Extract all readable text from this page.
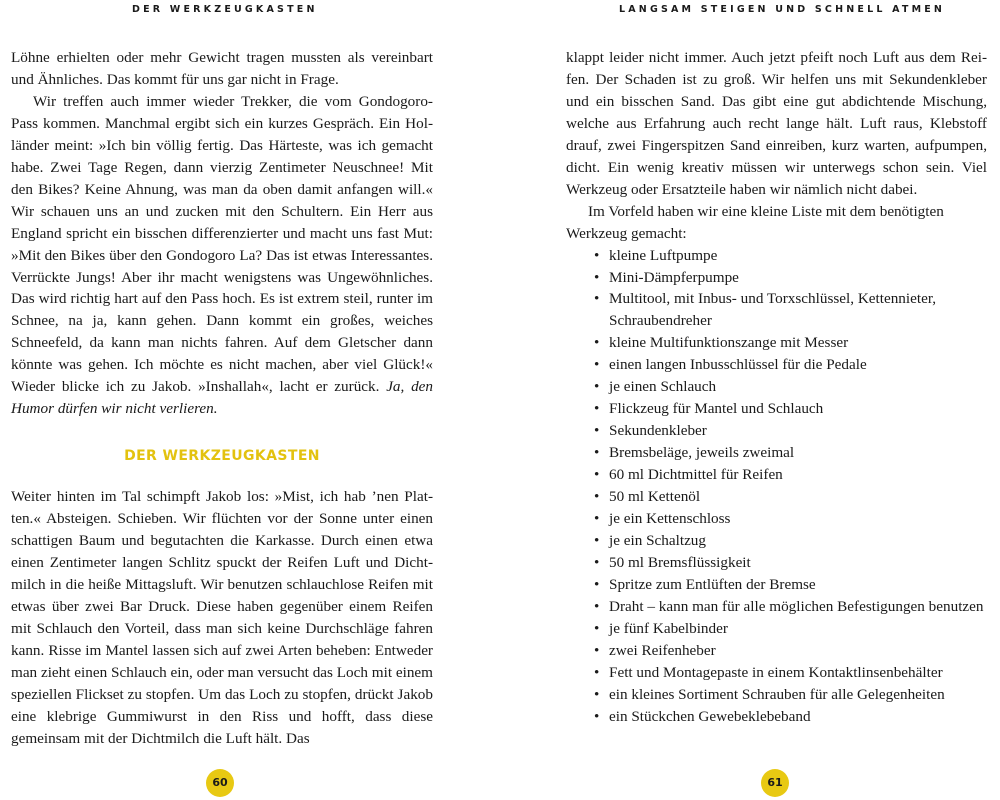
DER WERKZEUGKASTEN

Löhne erhielten oder mehr Gewicht tragen mussten als vereinbart und Ähnliches. Das kommt für uns gar nicht in Frage.

Wir treffen auch immer wieder Trekker, die vom Gondogoro-Pass kommen. Manchmal ergibt sich ein kurzes Gespräch. Ein Holländer meint: »Ich bin völlig fertig. Das Härteste, was ich gemacht habe. Zwei Tage Regen, dann vierzig Zentimeter Neuschnee! Mit den Bikes? Keine Ahnung, was man da oben damit anfangen will.« Wir schauen uns an und zucken mit den Schultern. Ein Herr aus England spricht ein bisschen differenzierter und macht uns fast Mut: »Mit den Bikes über den Gondogoro La? Das ist etwas Interessantes. Verrückte Jungs! Aber ihr macht wenigstens was Ungewöhnliches. Das wird richtig hart auf den Pass hoch. Es ist extrem steil, runter im Schnee, na ja, kann gehen. Dann kommt ein großes, weiches Schneefeld, da kann man nichts fahren. Auf dem Gletscher dann könnte was gehen. Ich möchte es nicht machen, aber viel Glück!« Wieder blicke ich zu Jakob. »Inshallah«, lacht er zurück. Ja, den Humor dürfen wir nicht verlieren.

DER WERKZEUGKASTEN

Weiter hinten im Tal schimpft Jakob los: »Mist, ich hab ’nen Platten.« Absteigen. Schieben. Wir flüchten vor der Sonne unter einen schattigen Baum und begutachten die Karkasse. Durch einen etwa einen Zentimeter langen Schlitz spuckt der Reifen Luft und Dichtmilch in die heiße Mittagsluft. Wir benutzen schlauchlose Reifen mit etwas über zwei Bar Druck. Diese haben gegenüber einem Reifen mit Schlauch den Vorteil, dass man sich keine Durchschläge fahren kann. Risse im Mantel lassen sich auf zwei Arten beheben: Entweder man zieht einen Schlauch ein, oder man versucht das Loch mit einem speziellen Flickset zu stopfen. Um das Loch zu stopfen, drückt Jakob eine klebrige Gummiwurst in den Riss und hofft, dass diese gemeinsam mit der Dichtmilch die Luft hält. Das

60
LANGSAM STEIGEN UND SCHNELL ATMEN

klappt leider nicht immer. Auch jetzt pfeift noch Luft aus dem Reifen. Der Schaden ist zu groß. Wir helfen uns mit Sekundenkleber und ein bisschen Sand. Das gibt eine gut abdichtende Mischung, welche aus Erfahrung auch recht lange hält. Luft raus, Klebstoff drauf, zwei Fingerspitzen Sand einreiben, kurz warten, aufpumpen, dicht. Ein wenig kreativ müssen wir unterwegs schon sein. Viel Werkzeug oder Ersatzteile haben wir nämlich nicht dabei.

Im Vorfeld haben wir eine kleine Liste mit dem benötigten Werkzeug gemacht:

• kleine Luftpumpe
• Mini-Dämpferpumpe
• Multitool, mit Inbus- und Torxschlüssel, Kettennieter, Schraubendreher
• kleine Multifunktionszange mit Messer
• einen langen Inbusschlüssel für die Pedale
• je einen Schlauch
• Flickzeug für Mantel und Schlauch
• Sekundenkleber
• Bremsbeläge, jeweils zweimal
• 60 ml Dichtmittel für Reifen
• 50 ml Kettenöl
• je ein Kettenschloss
• je ein Schaltzug
• 50 ml Bremsflüssigkeit
• Spritze zum Entlüften der Bremse
• Draht – kann man für alle möglichen Befestigungen benutzen
• je fünf Kabelbinder
• zwei Reifenheber
• Fett und Montagepaste in einem Kontaktlinsenbehälter
• ein kleines Sortiment Schrauben für alle Gelegenheiten
• ein Stückchen Gewebeklebeband
61
